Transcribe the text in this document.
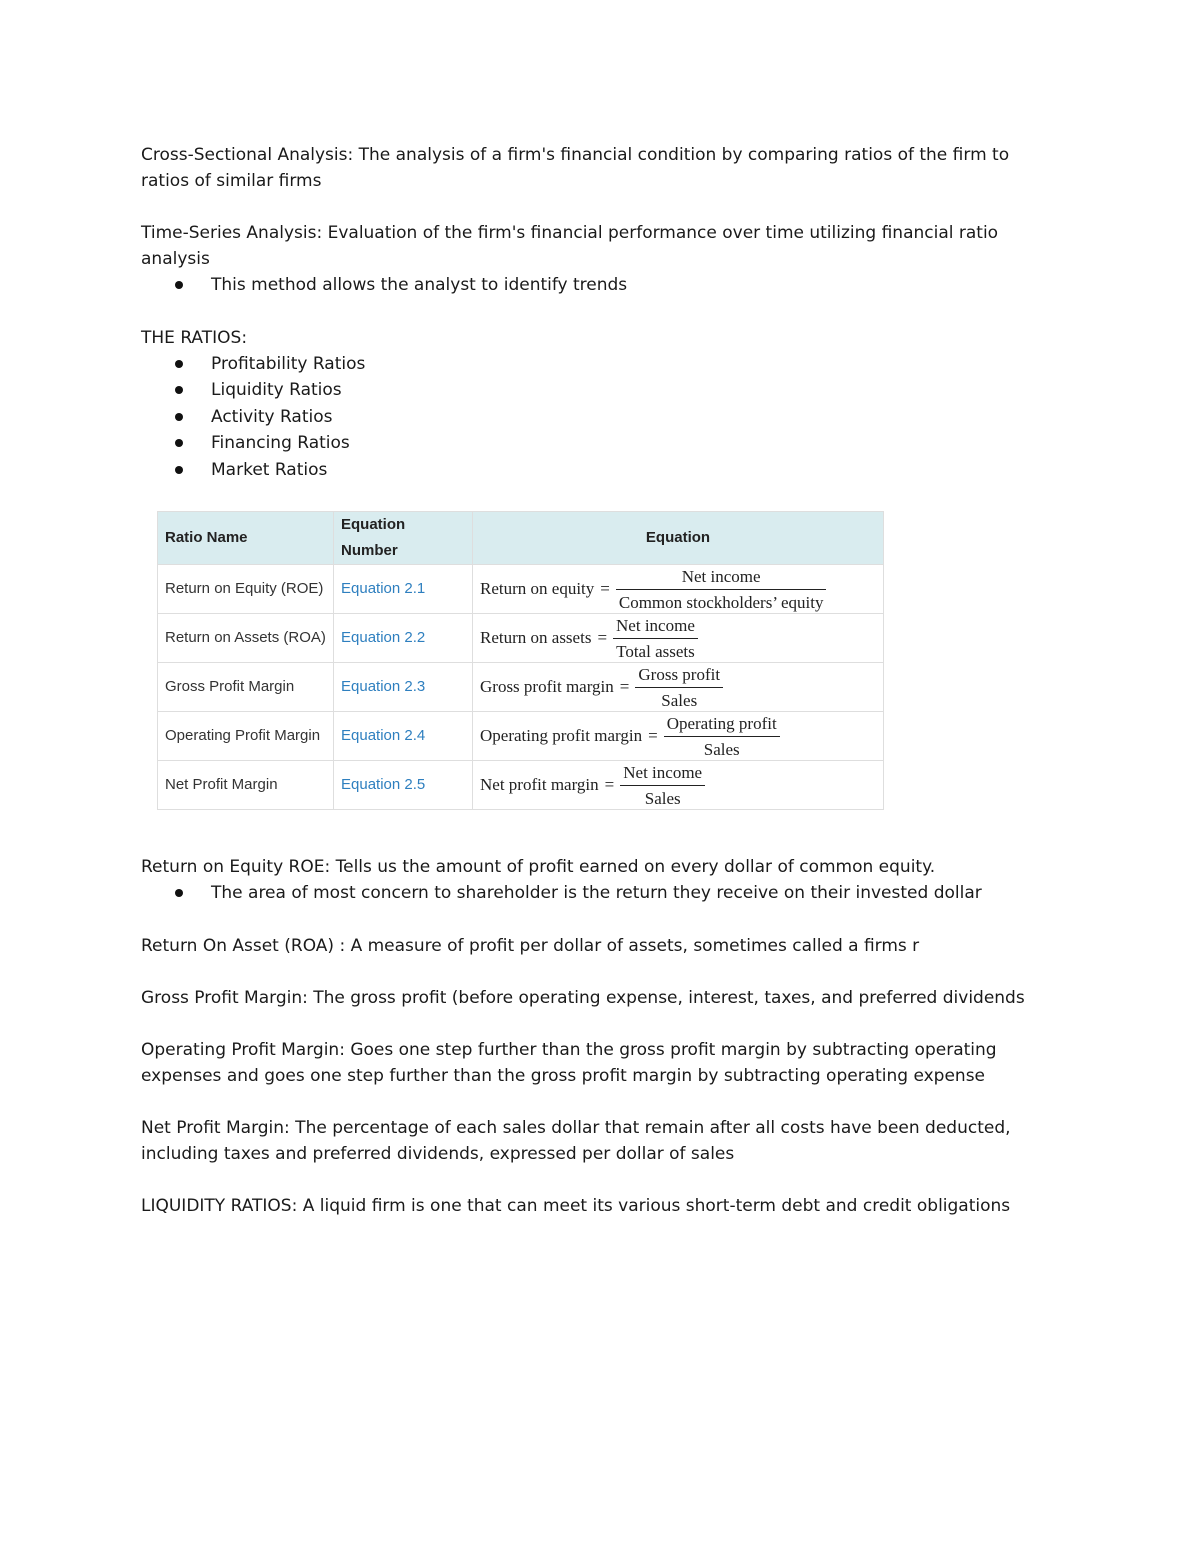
Cross-Sectional Analysis: The analysis of a firm's financial condition by comparing ratios of the firm to ratios of similar firms

Time-Series Analysis: Evaluation of the firm's financial performance over time utilizing financial ratio analysis

This method allows the analyst to identify trends

THE RATIOS:

Profitability Ratios
Liquidity Ratios
Activity Ratios
Financing Ratios
Market Ratios
Ratio Name	Equation Number	Equation
Return on Equity (ROE)	Equation 2.1	Return on equity = $\frac{\text{Net income}}{\text{Common stockholders’ equity}}$

Return on Assets (ROA)	Equation 2.2	Return on assets = $\frac{\text{Net income}}{\text{Total assets}}$

Gross Profit Margin	Equation 2.3	Gross profit margin = $\frac{\text{Gross profit}}{\text{Sales}}$

Operating Profit Margin	Equation 2.4	Operating profit margin = $\frac{\text{Operating profit}}{\text{Sales}}$

Net Profit Margin	Equation 2.5	Net profit margin = $\frac{\text{Net income}}{\text{Sales}}$

Return on Equity ROE: Tells us the amount of profit earned on every dollar of common equity.

The area of most concern to shareholder is the return they receive on their invested dollar

Return On Asset (ROA) : A measure of profit per dollar of assets, sometimes called a firms r

Gross Profit Margin: The gross profit (before operating expense, interest, taxes, and preferred dividends

Operating Profit Margin: Goes one step further than the gross profit margin by subtracting operating expenses and goes one step further than the gross profit margin by subtracting operating expense

Net Profit Margin: The percentage of each sales dollar that remain after all costs have been deducted, including taxes and preferred dividends, expressed per dollar of sales

LIQUIDITY RATIOS: A liquid firm is one that can meet its various short-term debt and credit obligations
